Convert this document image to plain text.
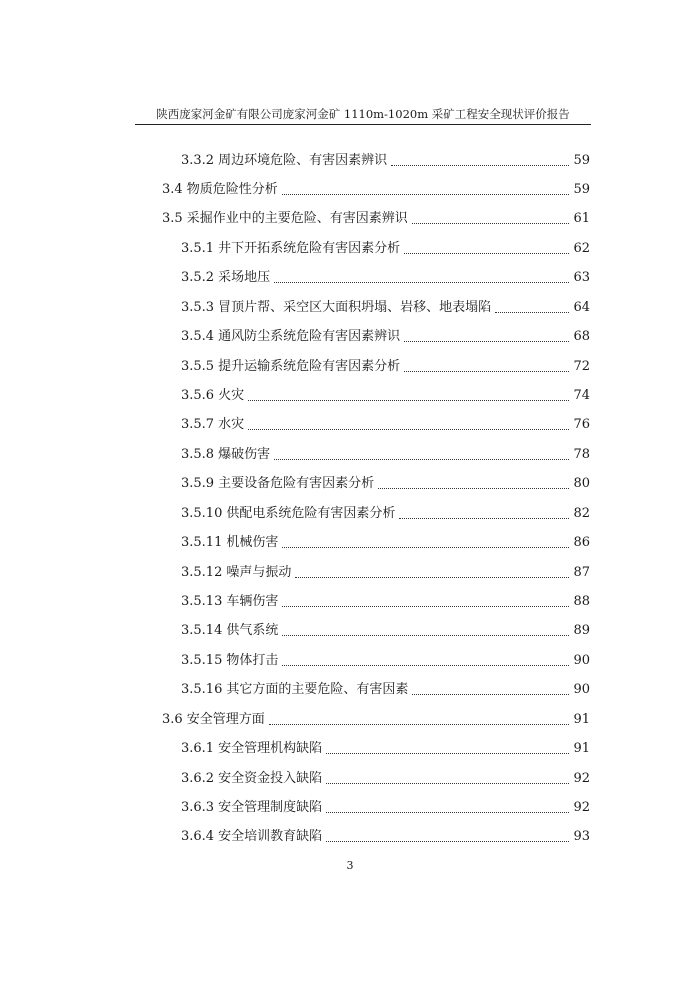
陕西庞家河金矿有限公司庞家河金矿 1110m-1020m 采矿工程安全现状评价报告
3.3.2 周边环境危险、有害因素辨识	59
3.4 物质危险性分析	59
3.5 采掘作业中的主要危险、有害因素辨识	61
3.5.1 井下开拓系统危险有害因素分析	62
3.5.2 采场地压	63
3.5.3 冒顶片帮、采空区大面积坍塌、岩移、地表塌陷	64
3.5.4 通风防尘系统危险有害因素辨识	68
3.5.5 提升运输系统危险有害因素分析	72
3.5.6 火灾	74
3.5.7 水灾	76
3.5.8 爆破伤害	78
3.5.9 主要设备危险有害因素分析	80
3.5.10 供配电系统危险有害因素分析	82
3.5.11 机械伤害	86
3.5.12 噪声与振动	87
3.5.13 车辆伤害	88
3.5.14 供气系统	89
3.5.15 物体打击	90
3.5.16 其它方面的主要危险、有害因素	90
3.6 安全管理方面	91
3.6.1 安全管理机构缺陷	91
3.6.2 安全资金投入缺陷	92
3.6.3 安全管理制度缺陷	92
3.6.4 安全培训教育缺陷	93
3
